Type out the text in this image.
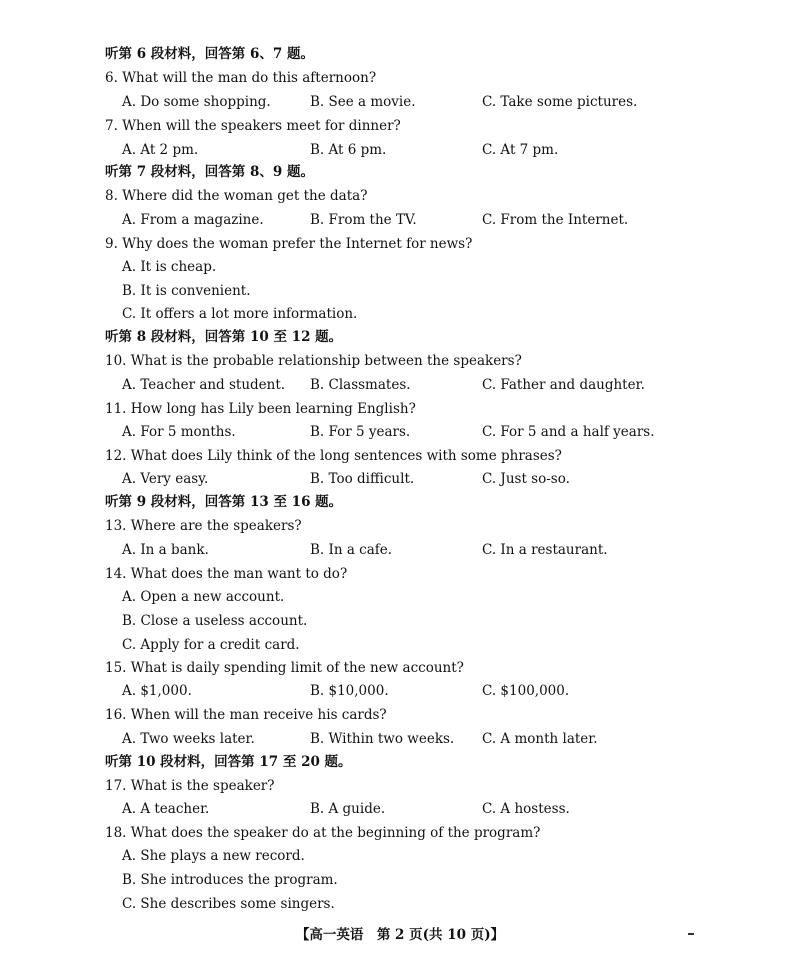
听第 6 段材料，回答第 6、7 题。
6. What will the man do this afternoon?
A. Do some shopping.	B. See a movie.	C. Take some pictures.
7. When will the speakers meet for dinner?
A. At 2 pm.	B. At 6 pm.	C. At 7 pm.
听第 7 段材料，回答第 8、9 题。
8. Where did the woman get the data?
A. From a magazine.	B. From the TV.	C. From the Internet.
9. Why does the woman prefer the Internet for news?
A. It is cheap.
B. It is convenient.
C. It offers a lot more information.
听第 8 段材料，回答第 10 至 12 题。
10. What is the probable relationship between the speakers?
A. Teacher and student. B. Classmates.	C. Father and daughter.
11. How long has Lily been learning English?
A. For 5 months.	B. For 5 years.	C. For 5 and a half years.
12. What does Lily think of the long sentences with some phrases?
A. Very easy.	B. Too difficult.	C. Just so-so.
听第 9 段材料，回答第 13 至 16 题。
13. Where are the speakers?
A. In a bank.	B. In a cafe.	C. In a restaurant.
14. What does the man want to do?
A. Open a new account.
B. Close a useless account.
C. Apply for a credit card.
15. What is daily spending limit of the new account?
A. $1,000.	B. $10,000.	C. $100,000.
16. When will the man receive his cards?
A. Two weeks later.	B. Within two weeks. C. A month later.
听第 10 段材料，回答第 17 至 20 题。
17. What is the speaker?
A. A teacher.	B. A guide.	C. A hostess.
18. What does the speaker do at the beginning of the program?
A. She plays a new record.
B. She introduces the program.
C. She describes some singers.
【高一英语　第 2 页(共 10 页)】
